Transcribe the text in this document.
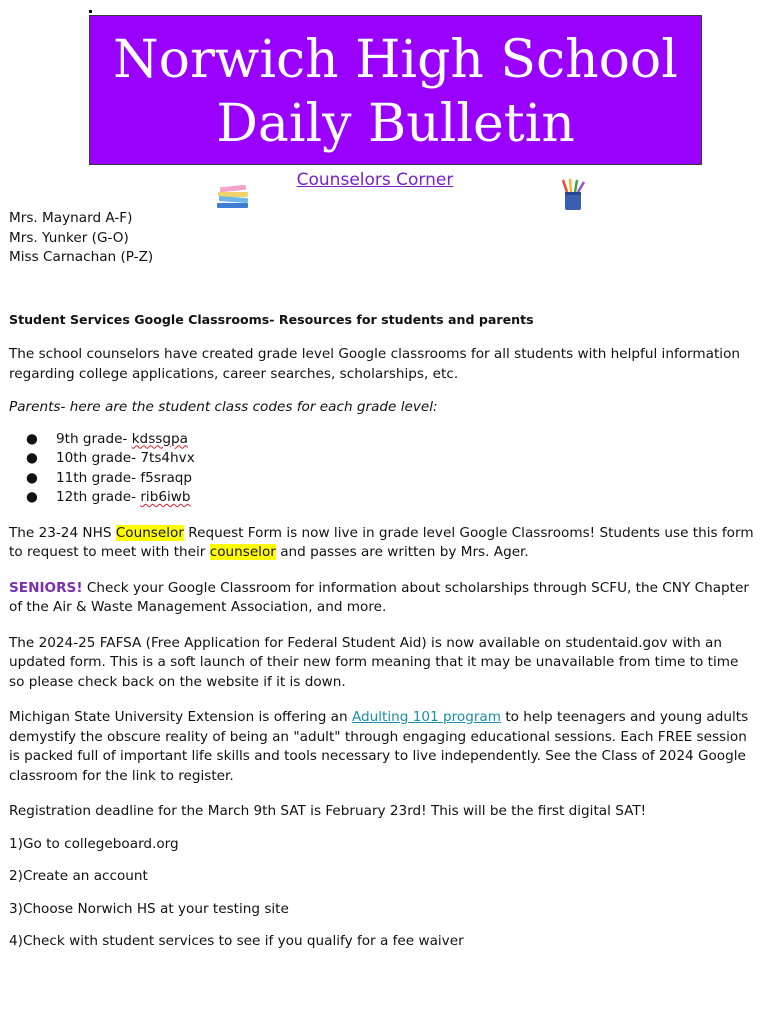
Norwich High School
Daily Bulletin
Counselors Corner

Mrs. Maynard A-F)

Mrs. Yunker (G-O)

Miss Carnachan (P-Z)

Student Services Google Classrooms- Resources for students and parents

The school counselors have created grade level Google classrooms for all students with helpful information regarding college applications, career searches, scholarships, etc.

Parents- here are the student class codes for each grade level:

● 9th grade- kdssgpa
● 10th grade- 7ts4hvx
● 11th grade- f5sraqp
● 12th grade- rib6iwb

The 23-24 NHS Counselor Request Form is now live in grade level Google Classrooms! Students use this form to request to meet with their counselor and passes are written by Mrs. Ager.

SENIORS! Check your Google Classroom for information about scholarships through SCFU, the CNY Chapter of the Air & Waste Management Association, and more.

The 2024-25 FAFSA (Free Application for Federal Student Aid) is now available on studentaid.gov with an updated form. This is a soft launch of their new form meaning that it may be unavailable from time to time so please check back on the website if it is down.

Michigan State University Extension is offering an Adulting 101 program to help teenagers and young adults demystify the obscure reality of being an "adult" through engaging educational sessions. Each FREE session is packed full of important life skills and tools necessary to live independently. See the Class of 2024 Google classroom for the link to register.

Registration deadline for the March 9th SAT is February 23rd! This will be the first digital SAT!

1)Go to collegeboard.org

2)Create an account

3)Choose Norwich HS at your testing site

4)Check with student services to see if you qualify for a fee waiver
